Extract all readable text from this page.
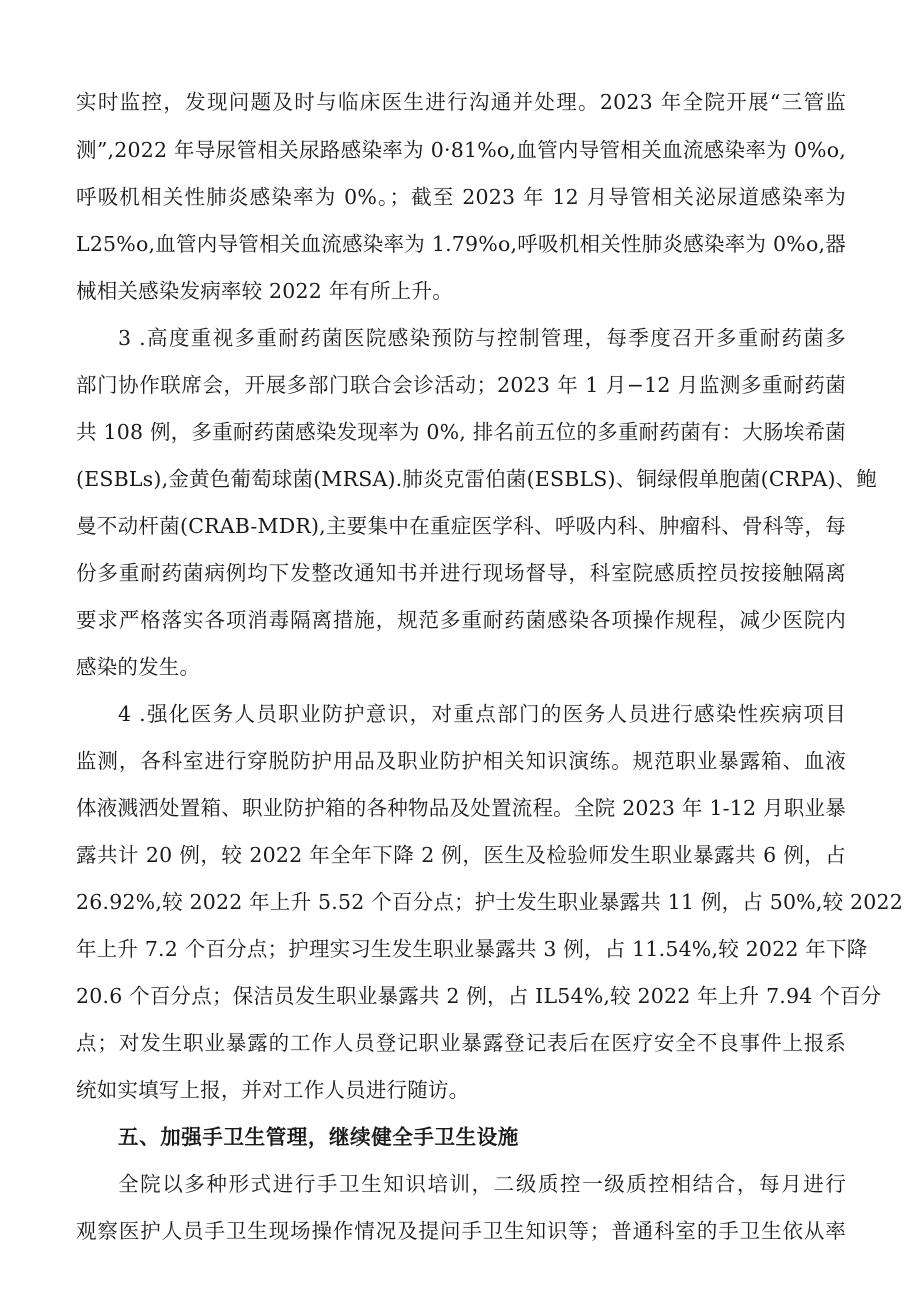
实时监控，发现问题及时与临床医生进行沟通并处理。2023 年全院开展“三管监
测”,2022 年导尿管相关尿路感染率为 0·81%o,血管内导管相关血流感染率为 0%o,
呼吸机相关性肺炎感染率为 0%。；截至 2023 年 12 月导管相关泌尿道感染率为
L25%o,血管内导管相关血流感染率为 1.79%o,呼吸机相关性肺炎感染率为 0%o,器
械相关感染发病率较 2022 年有所上升。
3 .高度重视多重耐药菌医院感染预防与控制管理，每季度召开多重耐药菌多
部门协作联席会，开展多部门联合会诊活动；2023 年 1 月−12 月监测多重耐药菌
共 108 例，多重耐药菌感染发现率为 0%, 排名前五位的多重耐药菌有：大肠埃希菌
(ESBLs),金黄色葡萄球菌(MRSA).肺炎克雷伯菌(ESBLS)、铜绿假单胞菌(CRPA)、鲍
曼不动杆菌(CRAB-MDR),主要集中在重症医学科、呼吸内科、肿瘤科、骨科等，每
份多重耐药菌病例均下发整改通知书并进行现场督导，科室院感质控员按接触隔离
要求严格落实各项消毒隔离措施，规范多重耐药菌感染各项操作规程，减少医院内
感染的发生。
4 .强化医务人员职业防护意识，对重点部门的医务人员进行感染性疾病项目
监测，各科室进行穿脱防护用品及职业防护相关知识演练。规范职业暴露箱、血液
体液溅洒处置箱、职业防护箱的各种物品及处置流程。全院 2023 年 1-12 月职业暴
露共计 20 例，较 2022 年全年下降 2 例，医生及检验师发生职业暴露共 6 例，占
26.92%,较 2022 年上升 5.52 个百分点；护士发生职业暴露共 11 例，占 50%,较 2022
年上升 7.2 个百分点；护理实习生发生职业暴露共 3 例，占 11.54%,较 2022 年下降
20.6 个百分点；保洁员发生职业暴露共 2 例，占 IL54%,较 2022 年上升 7.94 个百分
点；对发生职业暴露的工作人员登记职业暴露登记表后在医疗安全不良事件上报系
统如实填写上报，并对工作人员进行随访。
五、加强手卫生管理，继续健全手卫生设施
全院以多种形式进行手卫生知识培训，二级质控一级质控相结合，每月进行
观察医护人员手卫生现场操作情况及提问手卫生知识等；普通科室的手卫生依从率
